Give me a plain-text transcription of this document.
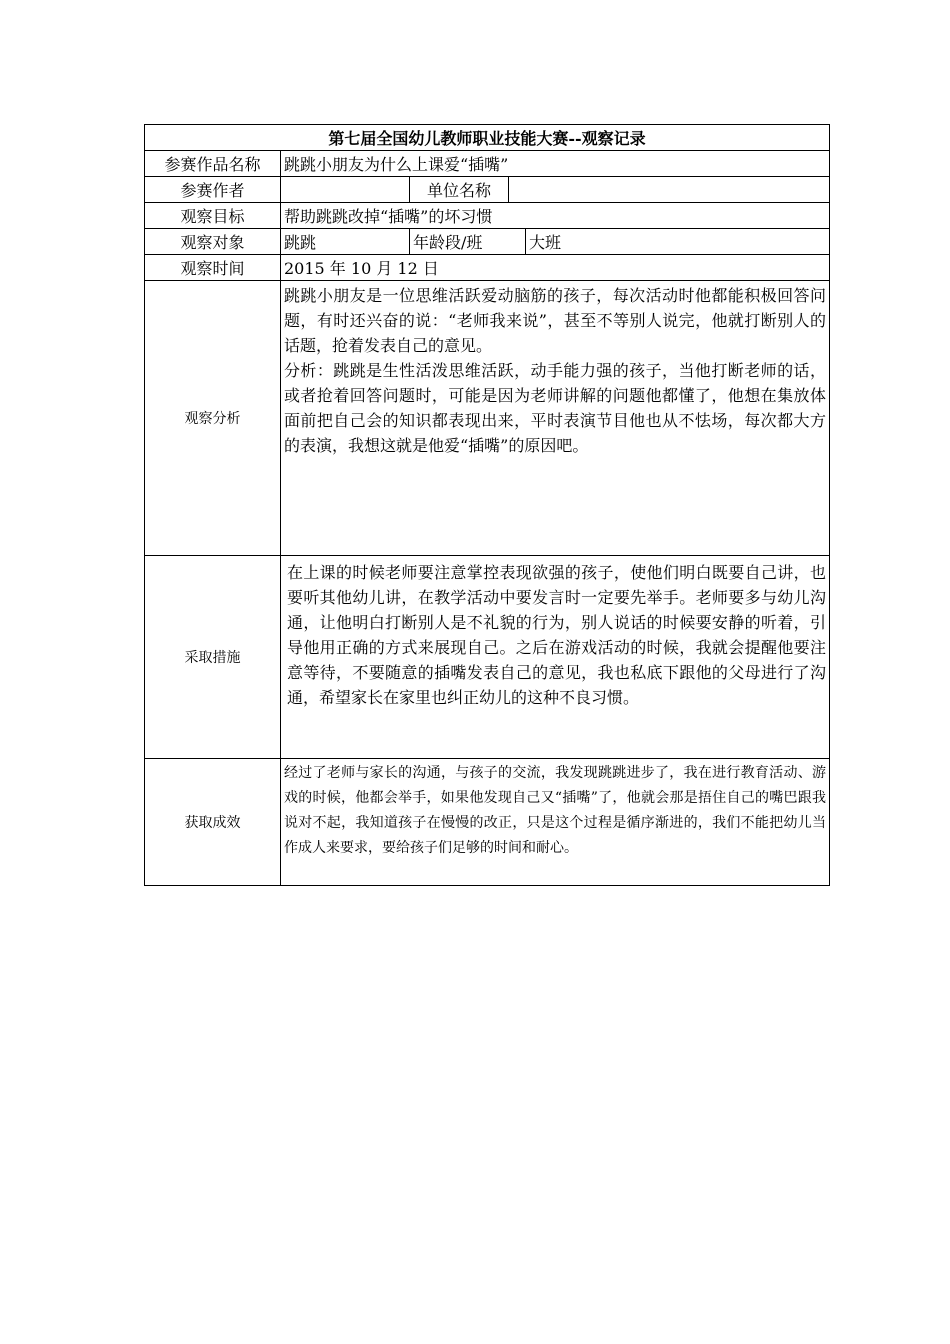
第七届全国幼儿教师职业技能大赛--观察记录				
参赛作品名称	跳跳小朋友为什么上课爱“插嘴”			
参赛作者		单位名称		
观察目标	帮助跳跳改掉“插嘴”的坏习惯			
观察对象	跳跳	年龄段/班		大班
观察时间	2015 年 10 月 12 日			
观察分析	跳跳小朋友是一位思维活跃爱动脑筋的孩子，每次活动时他都能积极回答问题，有时还兴奋的说：“老师我来说”，甚至不等别人说完，他就打断别人的话题，抢着发表自己的意见。

分析：跳跳是生性活泼思维活跃，动手能力强的孩子，当他打断老师的话，或者抢着回答问题时，可能是因为老师讲解的问题他都懂了，他想在集放体面前把自己会的知识都表现出来，平时表演节目他也从不怯场，每次都大方的表演，我想这就是他爱“插嘴”的原因吧。			

采取措施	在上课的时候老师要注意掌控表现欲强的孩子，使他们明白既要自己讲，也要听其他幼儿讲，在教学活动中要发言时一定要先举手。老师要多与幼儿沟通，让他明白打断别人是不礼貌的行为，别人说话的时候要安静的听着，引导他用正确的方式来展现自己。之后在游戏活动的时候，我就会提醒他要注意等待，不要随意的插嘴发表自己的意见，我也私底下跟他的父母进行了沟通，希望家长在家里也纠正幼儿的这种不良习惯。			

获取成效	经过了老师与家长的沟通，与孩子的交流，我发现跳跳进步了，我在进行教育活动、游戏的时候，他都会举手，如果他发现自己又“插嘴”了，他就会那是捂住自己的嘴巴跟我说对不起，我知道孩子在慢慢的改正，只是这个过程是循序渐进的，我们不能把幼儿当作成人来要求，要给孩子们足够的时间和耐心。			
